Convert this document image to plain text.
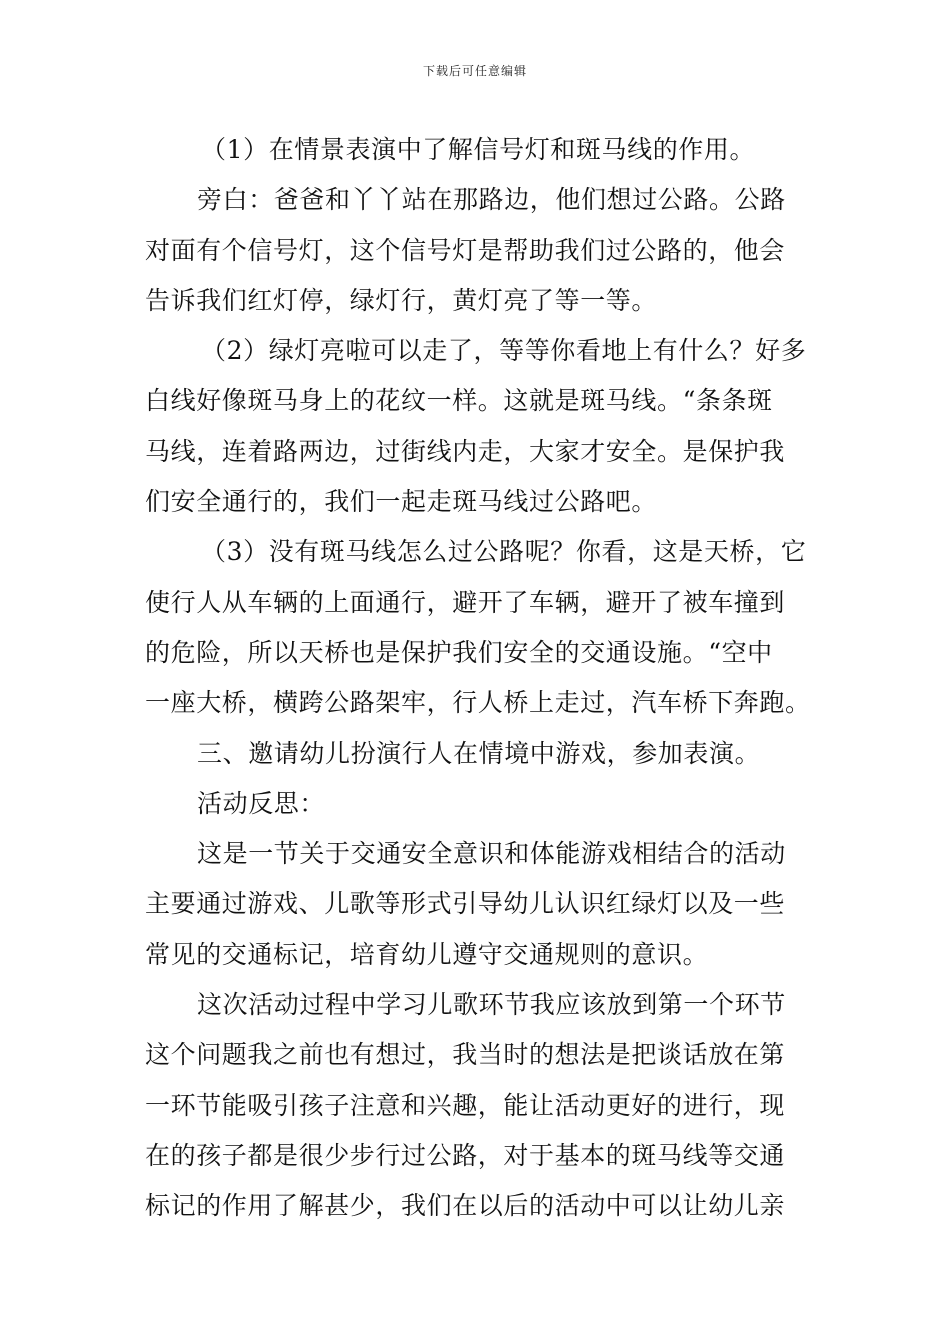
下载后可任意编辑
（1）在情景表演中了解信号灯和斑马线的作用。
旁白：爸爸和丫丫站在那路边，他们想过公路。公路
对面有个信号灯，这个信号灯是帮助我们过公路的，他会
告诉我们红灯停，绿灯行，黄灯亮了等一等。
（2）绿灯亮啦可以走了，等等你看地上有什么？好多
白线好像斑马身上的花纹一样。这就是斑马线。“条条斑
马线，连着路两边，过街线内走，大家才安全。是保护我
们安全通行的，我们一起走斑马线过公路吧。
（3）没有斑马线怎么过公路呢？你看，这是天桥，它
使行人从车辆的上面通行，避开了车辆，避开了被车撞到
的危险，所以天桥也是保护我们安全的交通设施。“空中
一座大桥，横跨公路架牢，行人桥上走过，汽车桥下奔跑。
三、邀请幼儿扮演行人在情境中游戏，参加表演。
活动反思：
这是一节关于交通安全意识和体能游戏相结合的活动
主要通过游戏、儿歌等形式引导幼儿认识红绿灯以及一些
常见的交通标记，培育幼儿遵守交通规则的意识。
这次活动过程中学习儿歌环节我应该放到第一个环节
这个问题我之前也有想过，我当时的想法是把谈话放在第
一环节能吸引孩子注意和兴趣，能让活动更好的进行，现
在的孩子都是很少步行过公路，对于基本的斑马线等交通
标记的作用了解甚少，我们在以后的活动中可以让幼儿亲
